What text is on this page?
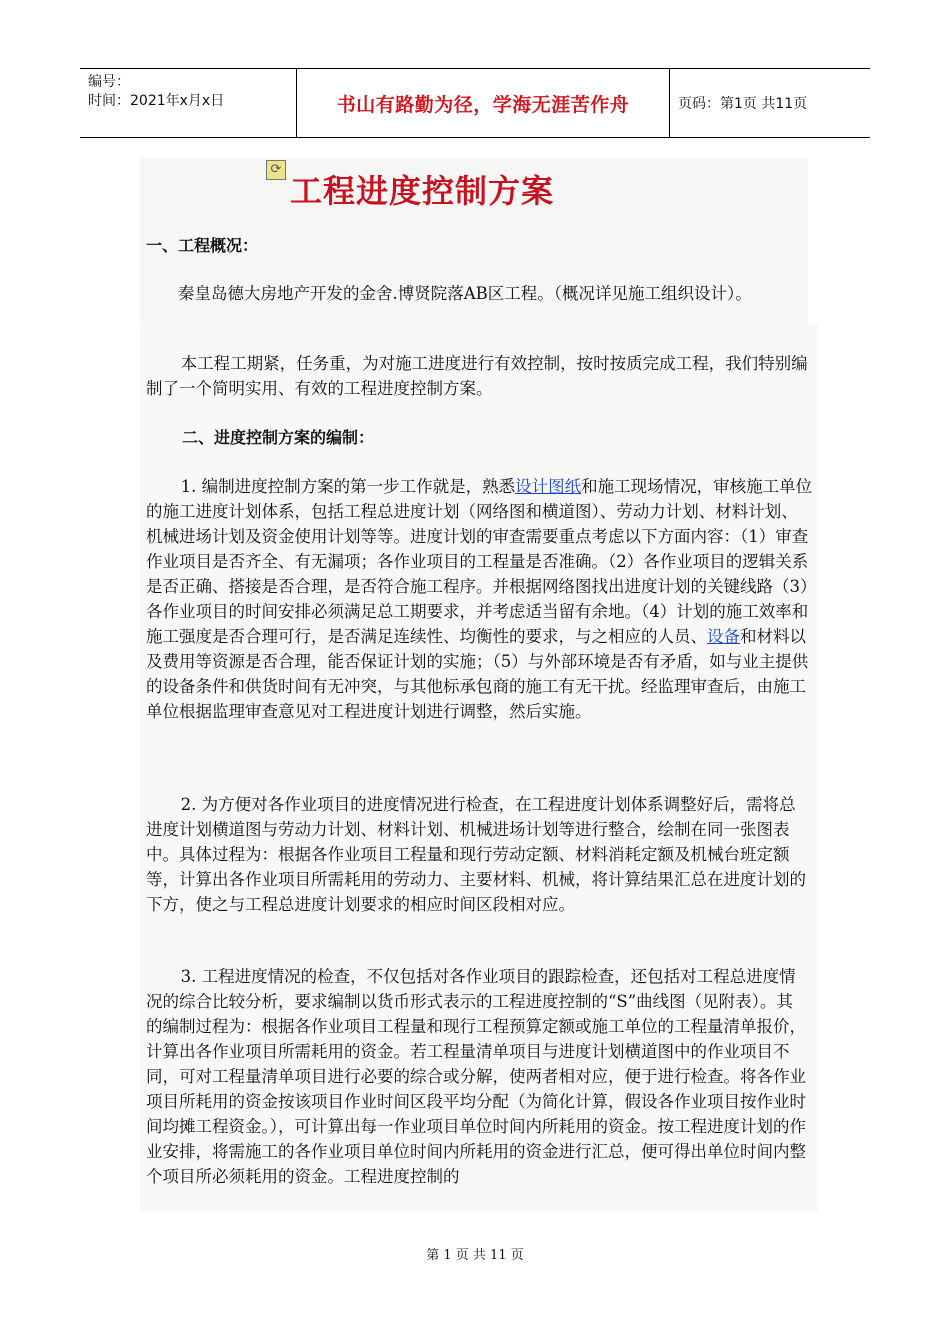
编号：
时间：2021年x月x日	书山有路勤为径，学海无涯苦作舟	页码：第1页 共11页
⟳
工程进度控制方案
一、工程概况：

秦皇岛德大房地产开发的金舍.博贤院落AB区工程。（概况详见施工组织设计）。

本工程工期紧，任务重，为对施工进度进行有效控制，按时按质完成工程，我们特别编制了一个简明实用、有效的工程进度控制方案。

二、进度控制方案的编制：

1. 编制进度控制方案的第一步工作就是，熟悉设计图纸和施工现场情况，审核施工单位的施工进度计划体系，包括工程总进度计划（网络图和横道图）、劳动力计划、材料计划、机械进场计划及资金使用计划等等。进度计划的审查需要重点考虑以下方面内容：（1）审查作业项目是否齐全、有无漏项；各作业项目的工程量是否准确。（2）各作业项目的逻辑关系是否正确、搭接是否合理，是否符合施工程序。并根据网络图找出进度计划的关键线路（3）各作业项目的时间安排必须满足总工期要求，并考虑适当留有余地。（4）计划的施工效率和施工强度是否合理可行，是否满足连续性、均衡性的要求，与之相应的人员、设备和材料以及费用等资源是否合理，能否保证计划的实施；（5）与外部环境是否有矛盾，如与业主提供的设备条件和供货时间有无冲突，与其他标承包商的施工有无干扰。经监理审查后，由施工单位根据监理审查意见对工程进度计划进行调整，然后实施。

2. 为方便对各作业项目的进度情况进行检查，在工程进度计划体系调整好后，需将总进度计划横道图与劳动力计划、材料计划、机械进场计划等进行整合，绘制在同一张图表中。具体过程为：根据各作业项目工程量和现行劳动定额、材料消耗定额及机械台班定额等，计算出各作业项目所需耗用的劳动力、主要材料、机械，将计算结果汇总在进度计划的下方，使之与工程总进度计划要求的相应时间区段相对应。

3. 工程进度情况的检查，不仅包括对各作业项目的跟踪检查，还包括对工程总进度情况的综合比较分析，要求编制以货币形式表示的工程进度控制的“S”曲线图（见附表）。其的编制过程为：根据各作业项目工程量和现行工程预算定额或施工单位的工程量清单报价，计算出各作业项目所需耗用的资金。若工程量清单项目与进度计划横道图中的作业项目不同，可对工程量清单项目进行必要的综合或分解，使两者相对应，便于进行检查。将各作业项目所耗用的资金按该项目作业时间区段平均分配（为简化计算，假设各作业项目按作业时间均摊工程资金。），可计算出每一作业项目单位时间内所耗用的资金。按工程进度计划的作业安排，将需施工的各作业项目单位时间内所耗用的资金进行汇总，便可得出单位时间内整个项目所必须耗用的资金。工程进度控制的

第 1 页 共 11 页
